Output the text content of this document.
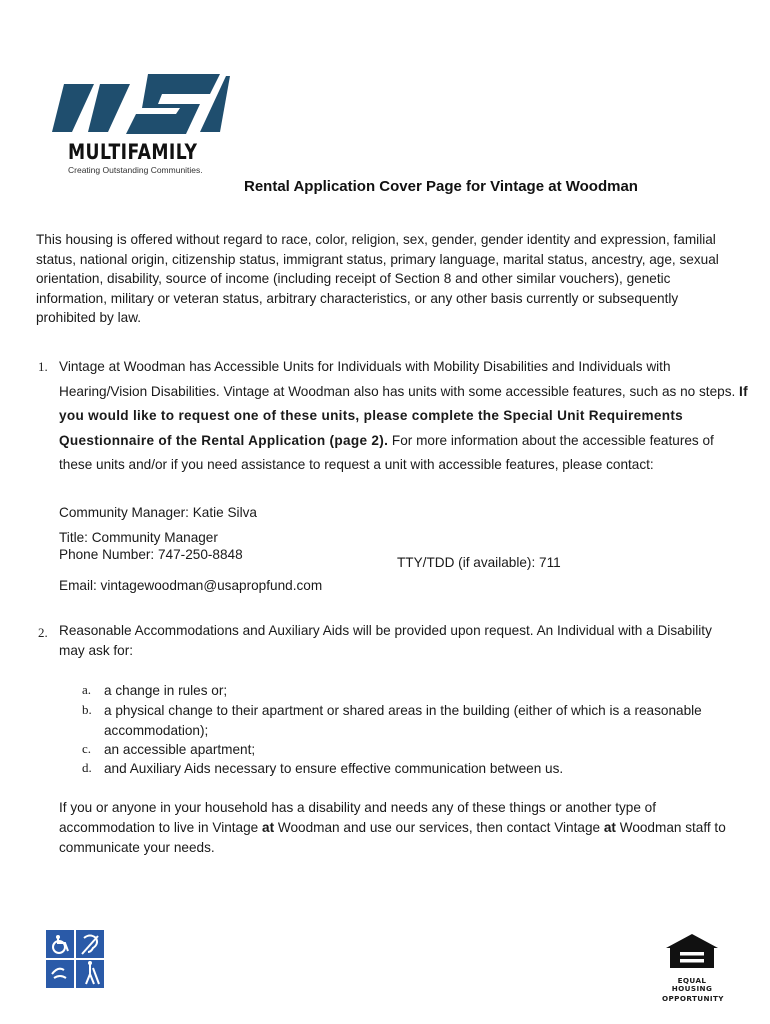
MULTIFAMILY
Creating Outstanding Communities.
Rental Application Cover Page for Vintage at Woodman
This housing is offered without regard to race, color, religion, sex, gender, gender identity and expression, familial status, national origin, citizenship status, immigrant status, primary language, marital status, ancestry, age, sexual orientation, disability, source of income (including receipt of Section 8 and other similar vouchers), genetic information, military or veteran status, arbitrary characteristics, or any other basis currently or subsequently prohibited by law.
1. Vintage at Woodman has Accessible Units for Individuals with Mobility Disabilities and Individuals with Hearing/Vision Disabilities. Vintage at Woodman also has units with some accessible features, such as no steps. If you would like to request one of these units, please complete the Special Unit Requirements Questionnaire of the Rental Application (page 2). For more information about the accessible features of these units and/or if you need assistance to request a unit with accessible features, please contact:
Community Manager: Katie Silva
Title: Community Manager
Phone Number: 747-250-8848
TTY/TDD (if available): 711
Email: vintagewoodman@usapropfund.com
2. Reasonable Accommodations and Auxiliary Aids will be provided upon request. An Individual with a Disability may ask for:
a. a change in rules or;
b. a physical change to their apartment or shared areas in the building (either of which is a reasonable accommodation);
c. an accessible apartment;
d. and Auxiliary Aids necessary to ensure effective communication between us.
If you or anyone in your household has a disability and needs any of these things or another type of accommodation to live in Vintage at Woodman and use our services, then contact Vintage at Woodman staff to communicate your needs.
EQUAL HOUSING
OPPORTUNITY
